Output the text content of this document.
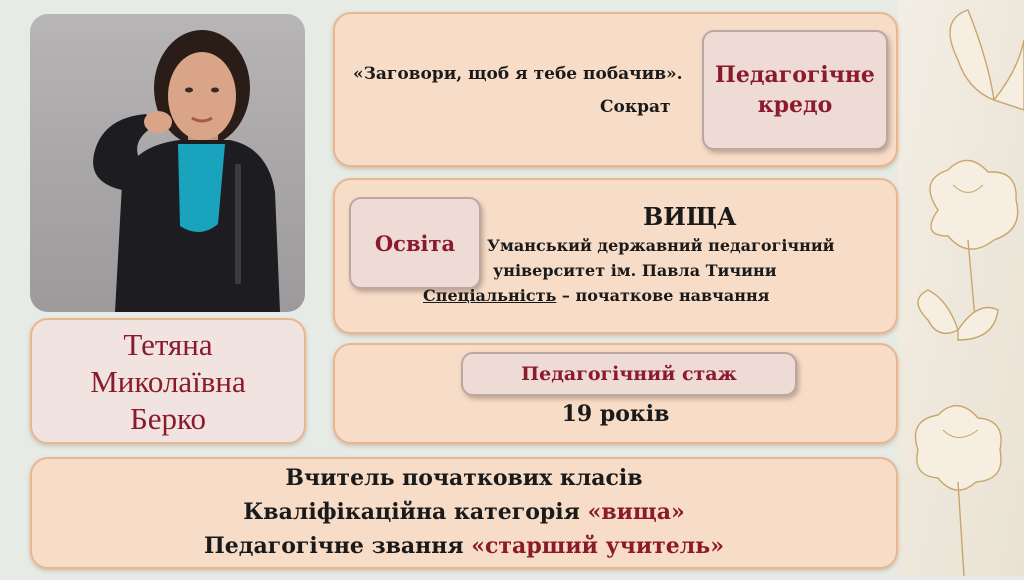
Тетяна
Миколаївна
Берко
«Заговори, щоб я тебе побачив».
Сократ
Педагогічне кредо
Освіта
ВИЩА
Уманський державний педагогічний
університет ім. Павла Тичини
Спеціальність – початкове навчання
Педагогічний стаж
19 років
Вчитель початкових класів
Кваліфікаційна категорія «вища»
Педагогічне звання «старший учитель»
